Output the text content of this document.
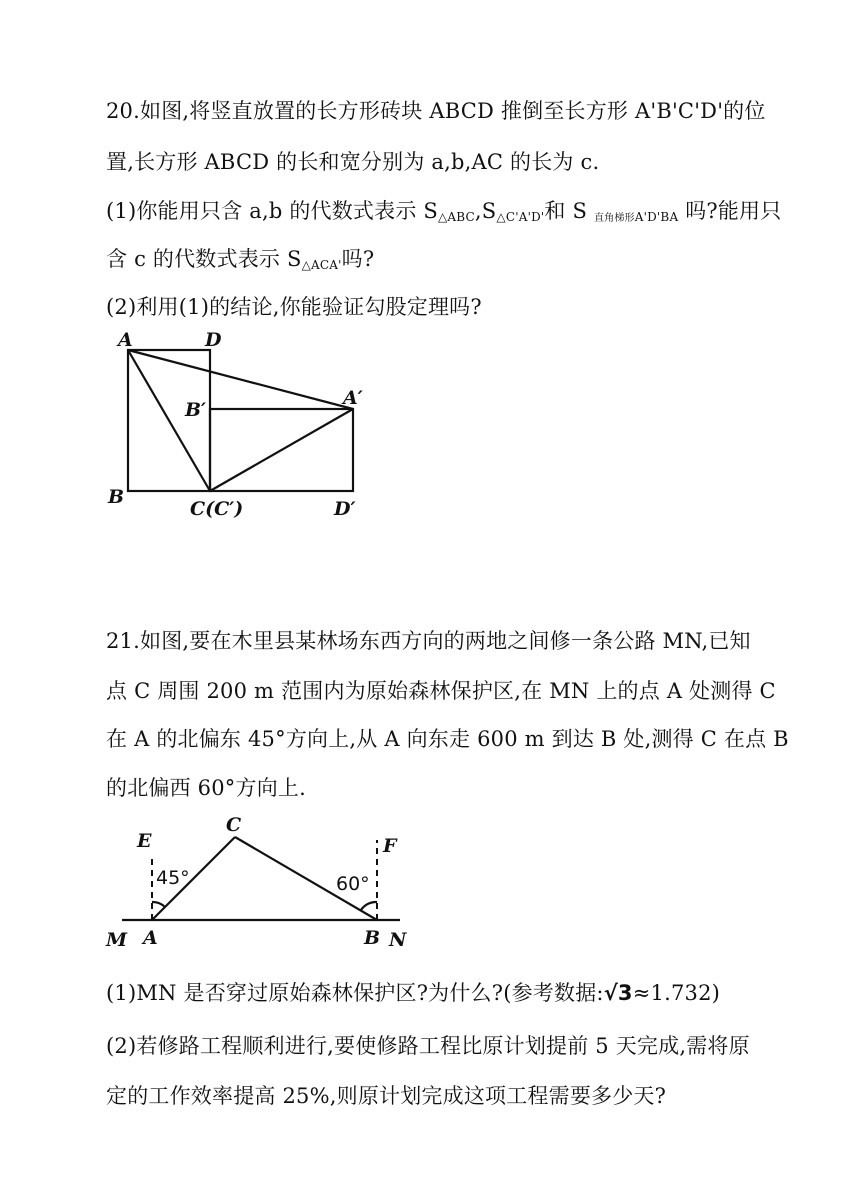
20.如图,将竖直放置的长方形砖块 ABCD 推倒至长方形 A'B'C'D'的位
置,长方形 ABCD 的长和宽分别为 a,b,AC 的长为 c.
(1)你能用只含 a,b 的代数式表示 $S_{\triangle ABC},S_{\triangle C'A'D'}$和 S 直角梯形$_{A'D'BA}$ 吗?能用只
含 c 的代数式表示 $S_{\triangle ACA'}$吗?
(2)利用(1)的结论,你能验证勾股定理吗?
A	D
B′
A′
B
C(C′)	D′
21.如图,要在木里县某林场东西方向的两地之间修一条公路 MN,已知
点 C 周围 200 m 范围内为原始森林保护区,在 MN 上的点 A 处测得 C
在 A 的北偏东 45°方向上,从 A 向东走 600 m 到达 B 处,测得 C 在点 B
的北偏西 60°方向上.
E
C
F
45°	60°
M A	B N
(1)MN 是否穿过原始森林保护区?为什么?(参考数据:√3≈1.732)
(2)若修路工程顺利进行,要使修路工程比原计划提前 5 天完成,需将原
定的工作效率提高 25%,则原计划完成这项工程需要多少天?
